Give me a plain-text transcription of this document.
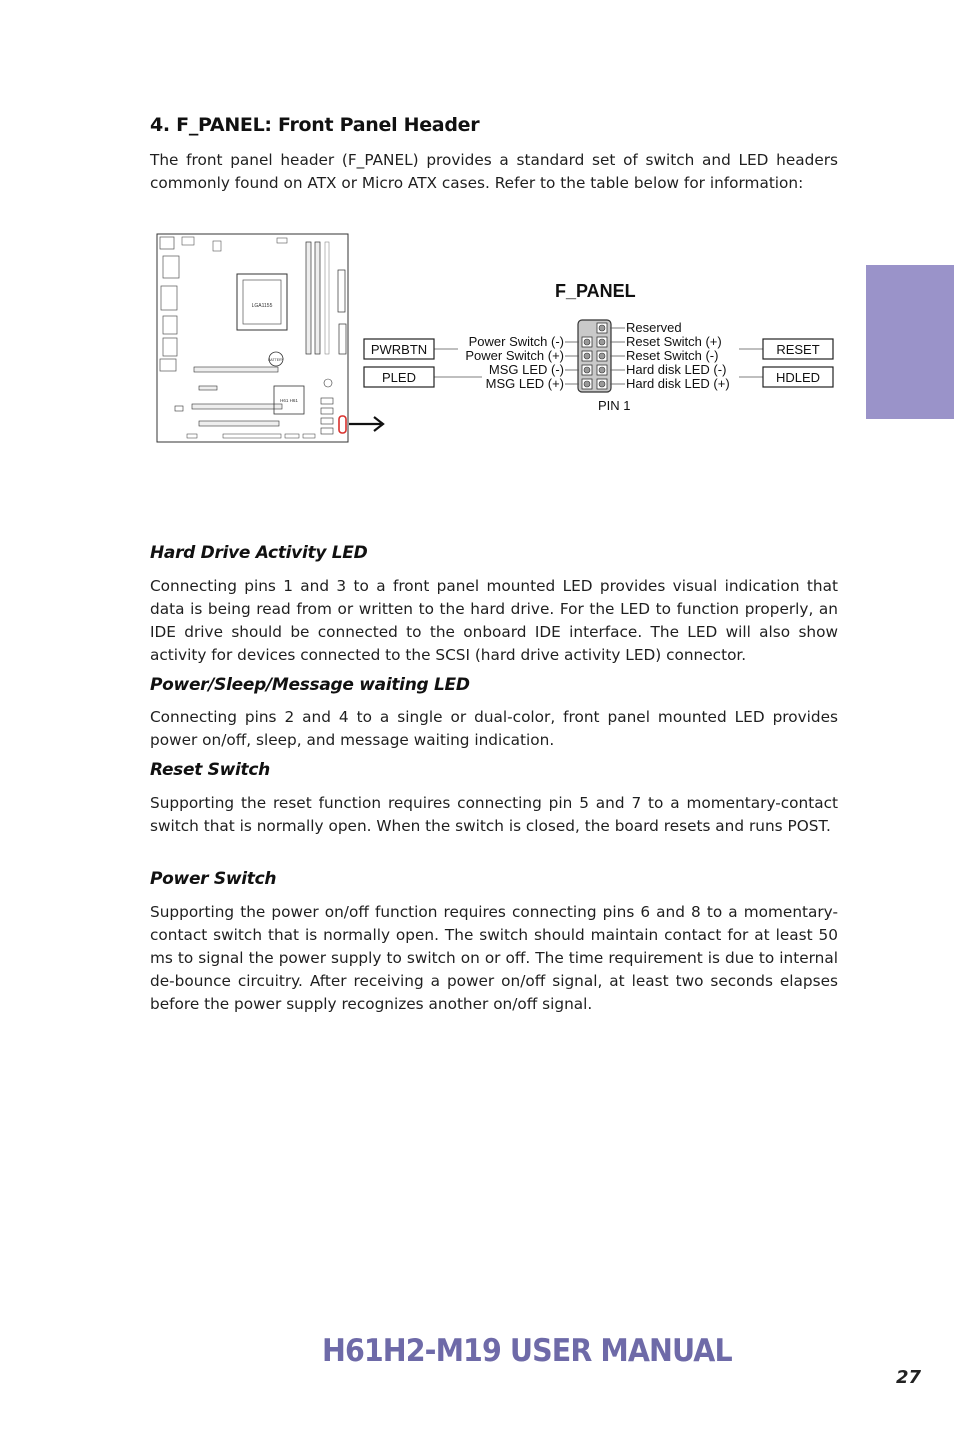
4. F_PANEL: Front Panel Header

The front panel header (F_PANEL) provides a standard set of switch and LED headers commonly found on ATX or Micro ATX cases. Refer to the table below for information:

LGA1155
BATTERY
H61 H61
F_PANEL
Power Switch (-)
Power Switch (+)
MSG LED (-)
MSG LED (+)
Reserved
Reset Switch (+)
Reset Switch (-)
Hard disk LED (-)
Hard disk LED (+)
PWRBTN
PLED
RESET
HDLED
PIN 1
Hard Drive Activity LED

Connecting pins 1 and 3 to a front panel mounted LED provides visual indication that data is being read from or written to the hard drive. For the LED to function properly, an IDE drive should be connected to the onboard IDE interface. The LED will also show activity for devices connected to the SCSI (hard drive activity LED) connector.

Power/Sleep/Message waiting LED

Connecting pins 2 and 4 to a single or dual-color, front panel mounted LED provides power on/off, sleep, and message waiting indication.

Reset Switch

Supporting the reset function requires connecting pin 5 and 7 to a momentary-contact switch that is normally open. When the switch is closed, the board resets and runs POST.

Power Switch

Supporting the power on/off function requires connecting pins 6 and 8 to a momentary-contact switch that is normally open. The switch should maintain contact for at least 50 ms to signal the power supply to switch on or off. The time requirement is due to internal de-bounce circuitry. After receiving a power on/off signal, at least two seconds elapses before the power supply recognizes another on/off signal.

H61H2-M19 USER MANUAL
27
